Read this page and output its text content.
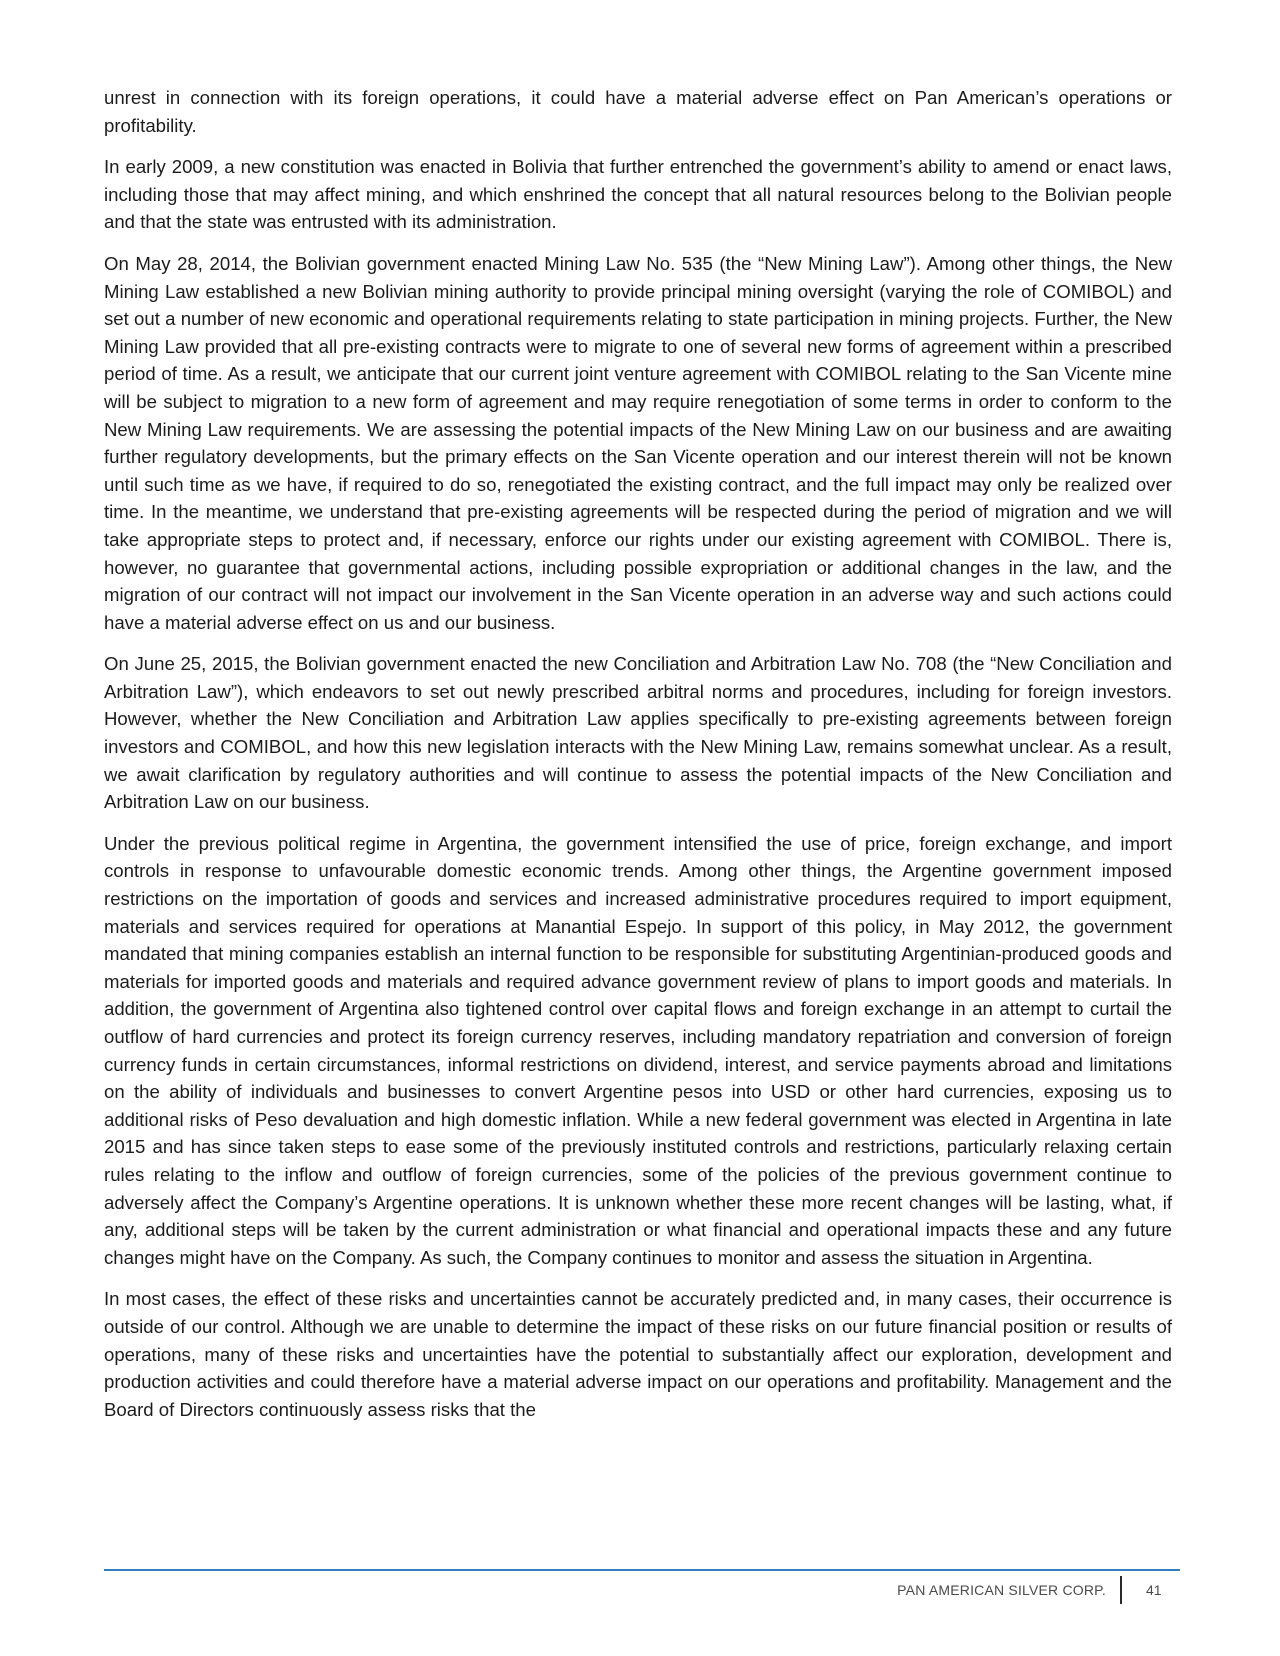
unrest in connection with its foreign operations, it could have a material adverse effect on Pan American’s operations or profitability.

In early 2009, a new constitution was enacted in Bolivia that further entrenched the government’s ability to amend or enact laws, including those that may affect mining, and which enshrined the concept that all natural resources belong to the Bolivian people and that the state was entrusted with its administration.

On May 28, 2014, the Bolivian government enacted Mining Law No. 535 (the “New Mining Law”). Among other things, the New Mining Law established a new Bolivian mining authority to provide principal mining oversight (varying the role of COMIBOL) and set out a number of new economic and operational requirements relating to state participation in mining projects. Further, the New Mining Law provided that all pre-existing contracts were to migrate to one of several new forms of agreement within a prescribed period of time. As a result, we anticipate that our current joint venture agreement with COMIBOL relating to the San Vicente mine will be subject to migration to a new form of agreement and may require renegotiation of some terms in order to conform to the New Mining Law requirements. We are assessing the potential impacts of the New Mining Law on our business and are awaiting further regulatory developments, but the primary effects on the San Vicente operation and our interest therein will not be known until such time as we have, if required to do so, renegotiated the existing contract, and the full impact may only be realized over time. In the meantime, we understand that pre-existing agreements will be respected during the period of migration and we will take appropriate steps to protect and, if necessary, enforce our rights under our existing agreement with COMIBOL. There is, however, no guarantee that governmental actions, including possible expropriation or additional changes in the law, and the migration of our contract will not impact our involvement in the San Vicente operation in an adverse way and such actions could have a material adverse effect on us and our business.

On June 25, 2015, the Bolivian government enacted the new Conciliation and Arbitration Law No. 708 (the “New Conciliation and Arbitration Law”), which endeavors to set out newly prescribed arbitral norms and procedures, including for foreign investors. However, whether the New Conciliation and Arbitration Law applies specifically to pre-existing agreements between foreign investors and COMIBOL, and how this new legislation interacts with the New Mining Law, remains somewhat unclear. As a result, we await clarification by regulatory authorities and will continue to assess the potential impacts of the New Conciliation and Arbitration Law on our business.

Under the previous political regime in Argentina, the government intensified the use of price, foreign exchange, and import controls in response to unfavourable domestic economic trends. Among other things, the Argentine government imposed restrictions on the importation of goods and services and increased administrative procedures required to import equipment, materials and services required for operations at Manantial Espejo. In support of this policy, in May 2012, the government mandated that mining companies establish an internal function to be responsible for substituting Argentinian-produced goods and materials for imported goods and materials and required advance government review of plans to import goods and materials. In addition, the government of Argentina also tightened control over capital flows and foreign exchange in an attempt to curtail the outflow of hard currencies and protect its foreign currency reserves, including mandatory repatriation and conversion of foreign currency funds in certain circumstances, informal restrictions on dividend, interest, and service payments abroad and limitations on the ability of individuals and businesses to convert Argentine pesos into USD or other hard currencies, exposing us to additional risks of Peso devaluation and high domestic inflation. While a new federal government was elected in Argentina in late 2015 and has since taken steps to ease some of the previously instituted controls and restrictions, particularly relaxing certain rules relating to the inflow and outflow of foreign currencies, some of the policies of the previous government continue to adversely affect the Company’s Argentine operations. It is unknown whether these more recent changes will be lasting, what, if any, additional steps will be taken by the current administration or what financial and operational impacts these and any future changes might have on the Company. As such, the Company continues to monitor and assess the situation in Argentina.

In most cases, the effect of these risks and uncertainties cannot be accurately predicted and, in many cases, their occurrence is outside of our control. Although we are unable to determine the impact of these risks on our future financial position or results of operations, many of these risks and uncertainties have the potential to substantially affect our exploration, development and production activities and could therefore have a material adverse impact on our operations and profitability. Management and the Board of Directors continuously assess risks that the

PAN AMERICAN SILVER CORP.	41
